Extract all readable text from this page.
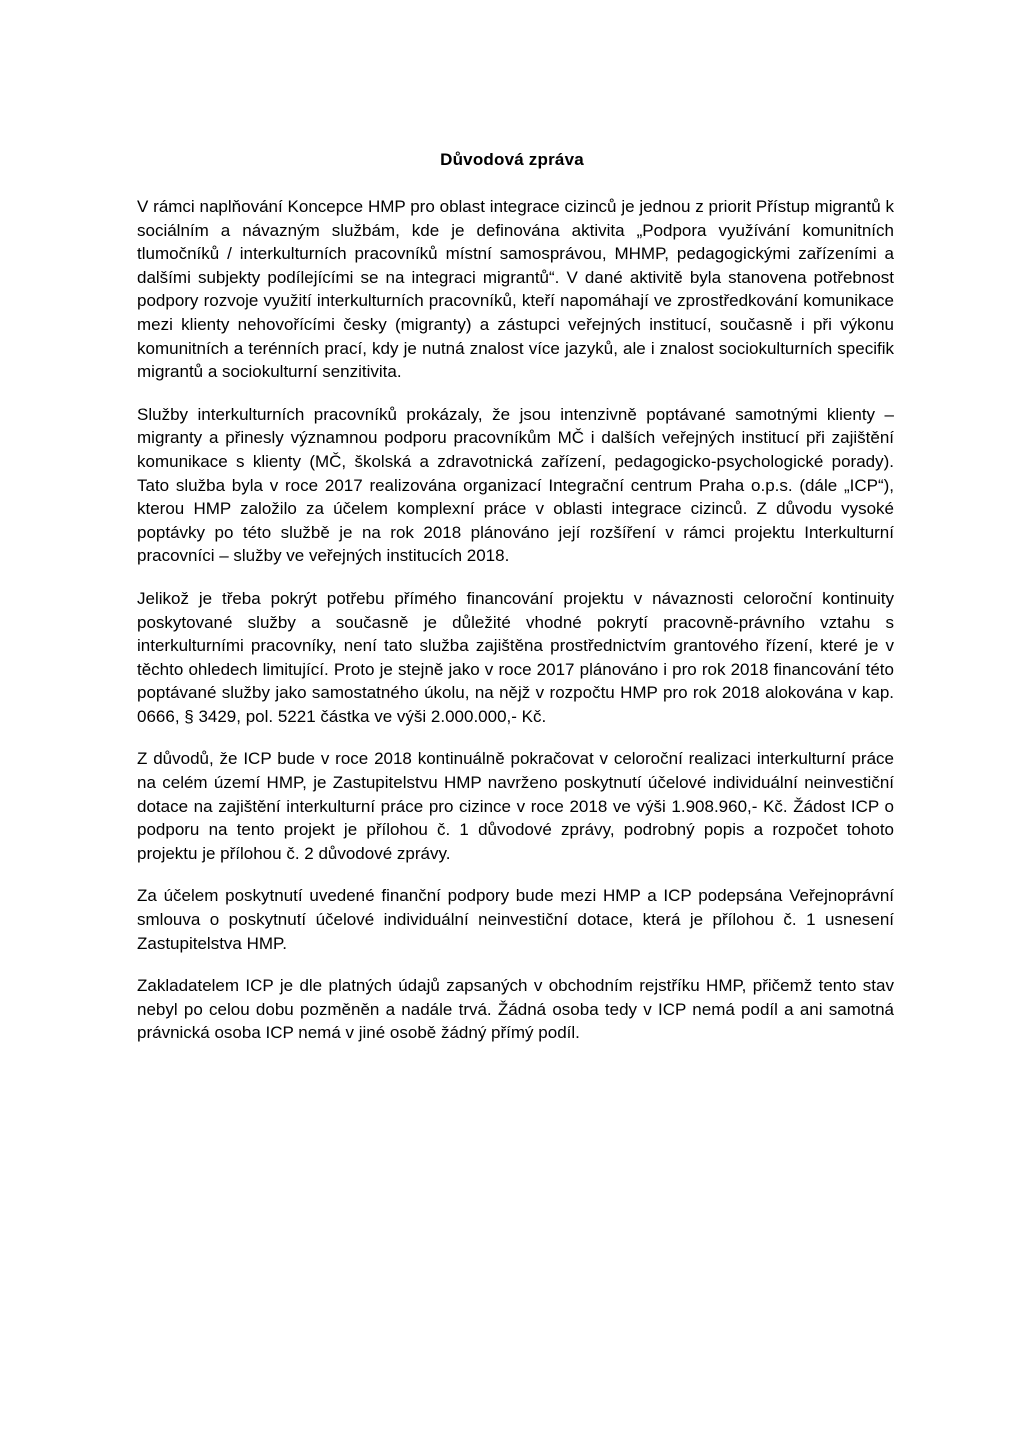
Důvodová zpráva

V rámci naplňování Koncepce HMP pro oblast integrace cizinců je jednou z priorit Přístup migrantů k sociálním a návazným službám, kde je definována aktivita „Podpora využívání komunitních tlumočníků / interkulturních pracovníků místní samosprávou, MHMP, pedagogickými zařízeními a dalšími subjekty podílejícími se na integraci migrantů“. V dané aktivitě byla stanovena potřebnost podpory rozvoje využití interkulturních pracovníků, kteří napomáhají ve zprostředkování komunikace mezi klienty nehovořícími česky (migranty) a zástupci veřejných institucí, současně i při výkonu komunitních a terénních prací, kdy je nutná znalost více jazyků, ale i znalost sociokulturních specifik migrantů a sociokulturní senzitivita.

Služby interkulturních pracovníků prokázaly, že jsou intenzivně poptávané samotnými klienty – migranty a přinesly významnou podporu pracovníkům MČ i dalších veřejných institucí při zajištění komunikace s klienty (MČ, školská a zdravotnická zařízení, pedagogicko-psychologické porady). Tato služba byla v roce 2017 realizována organizací Integrační centrum Praha o.p.s. (dále „ICP“), kterou HMP založilo za účelem komplexní práce v oblasti integrace cizinců. Z důvodu vysoké poptávky po této službě je na rok 2018 plánováno její rozšíření v rámci projektu Interkulturní pracovníci – služby ve veřejných institucích 2018.

Jelikož je třeba pokrýt potřebu přímého financování projektu v návaznosti celoroční kontinuity poskytované služby a současně je důležité vhodné pokrytí pracovně-právního vztahu s interkulturními pracovníky, není tato služba zajištěna prostřednictvím grantového řízení, které je v těchto ohledech limitující. Proto je stejně jako v roce 2017 plánováno i pro rok 2018 financování této poptávané služby jako samostatného úkolu, na nějž v rozpočtu HMP pro rok 2018 alokována v kap. 0666, § 3429, pol. 5221 částka ve výši 2.000.000,- Kč.

Z důvodů, že ICP bude v roce 2018 kontinuálně pokračovat v celoroční realizaci interkulturní práce na celém území HMP, je Zastupitelstvu HMP navrženo poskytnutí účelové individuální neinvestiční dotace na zajištění interkulturní práce pro cizince v roce 2018 ve výši 1.908.960,- Kč. Žádost ICP o podporu na tento projekt je přílohou č. 1 důvodové zprávy, podrobný popis a rozpočet tohoto projektu je přílohou č. 2 důvodové zprávy.

Za účelem poskytnutí uvedené finanční podpory bude mezi HMP a ICP podepsána Veřejnoprávní smlouva o poskytnutí účelové individuální neinvestiční dotace, která je přílohou č. 1 usnesení Zastupitelstva HMP.

Zakladatelem ICP je dle platných údajů zapsaných v obchodním rejstříku HMP, přičemž tento stav nebyl po celou dobu pozměněn a nadále trvá. Žádná osoba tedy v ICP nemá podíl a ani samotná právnická osoba ICP nemá v jiné osobě žádný přímý podíl.
